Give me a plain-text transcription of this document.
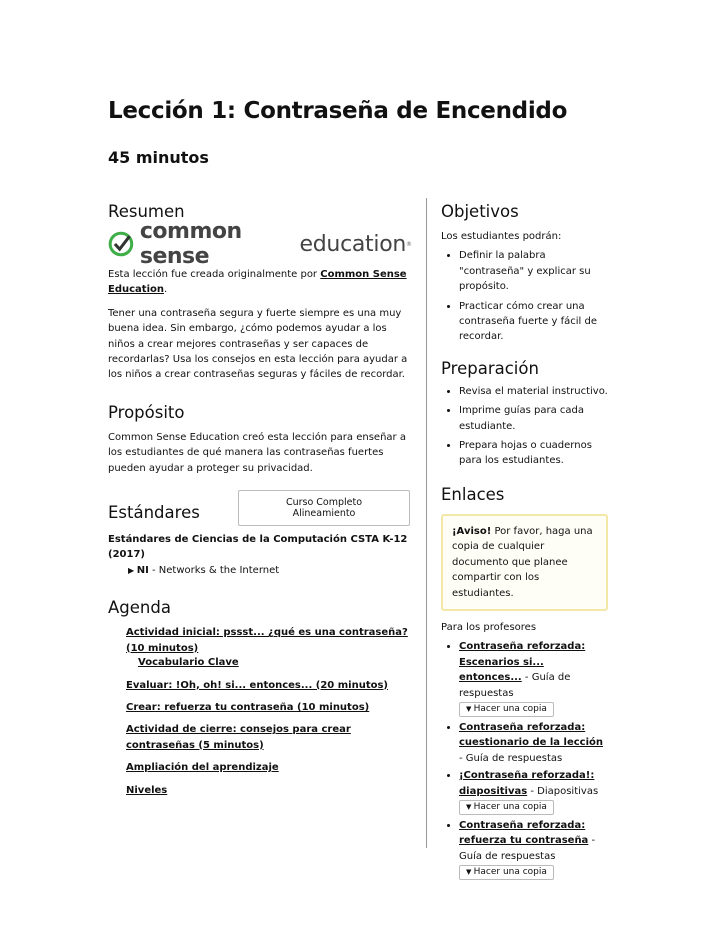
Lección 1: Contraseña de Encendido
45 minutos
Resumen
common sense	education ®

Esta lección fue creada originalmente por Common Sense Education.

Tener una contraseña segura y fuerte siempre es una muy buena idea. Sin embargo, ¿cómo podemos ayudar a los niños a crear mejores contraseñas y ser capaces de recordarlas? Usa los consejos en esta lección para ayudar a los niños a crear contraseñas seguras y fáciles de recordar.

Propósito

Common Sense Education creó esta lección para enseñar a los estudiantes de qué manera las contraseñas fuertes pueden ayudar a proteger su privacidad.

Estándares	Curso Completo Alineamiento

Estándares de Ciencias de la Computación CSTA K-12 (2017)

▶ NI - Networks & the Internet

Agenda
Actividad inicial: pssst... ¿qué es una contraseña? (10 minutos)
Vocabulario Clave
Evaluar: !Oh, oh! si... entonces... (20 minutos)
Crear: refuerza tu contraseña (10 minutos)
Actividad de cierre: consejos para crear contraseñas (5 minutos)
Ampliación del aprendizaje
Niveles
Objetivos

Los estudiantes podrán:

• Definir la palabra "contraseña" y explicar su propósito.
• Practicar cómo crear una contraseña fuerte y fácil de recordar.
Preparación
• Revisa el material instructivo.
• Imprime guías para cada estudiante.
• Prepara hojas o cuadernos para los estudiantes.
Enlaces
¡Aviso! Por favor, haga una copia de cualquier documento que planee compartir con los estudiantes.

Para los profesores

• Contraseña reforzada: Escenarios si... entonces... - Guía de respuestas
▼ Hacer una copia
• Contraseña reforzada: cuestionario de la lección - Guía de respuestas
• ¡Contraseña reforzada!: diapositivas - Diapositivas
▼ Hacer una copia
• Contraseña reforzada: refuerza tu contraseña - Guía de respuestas
▼ Hacer una copia
